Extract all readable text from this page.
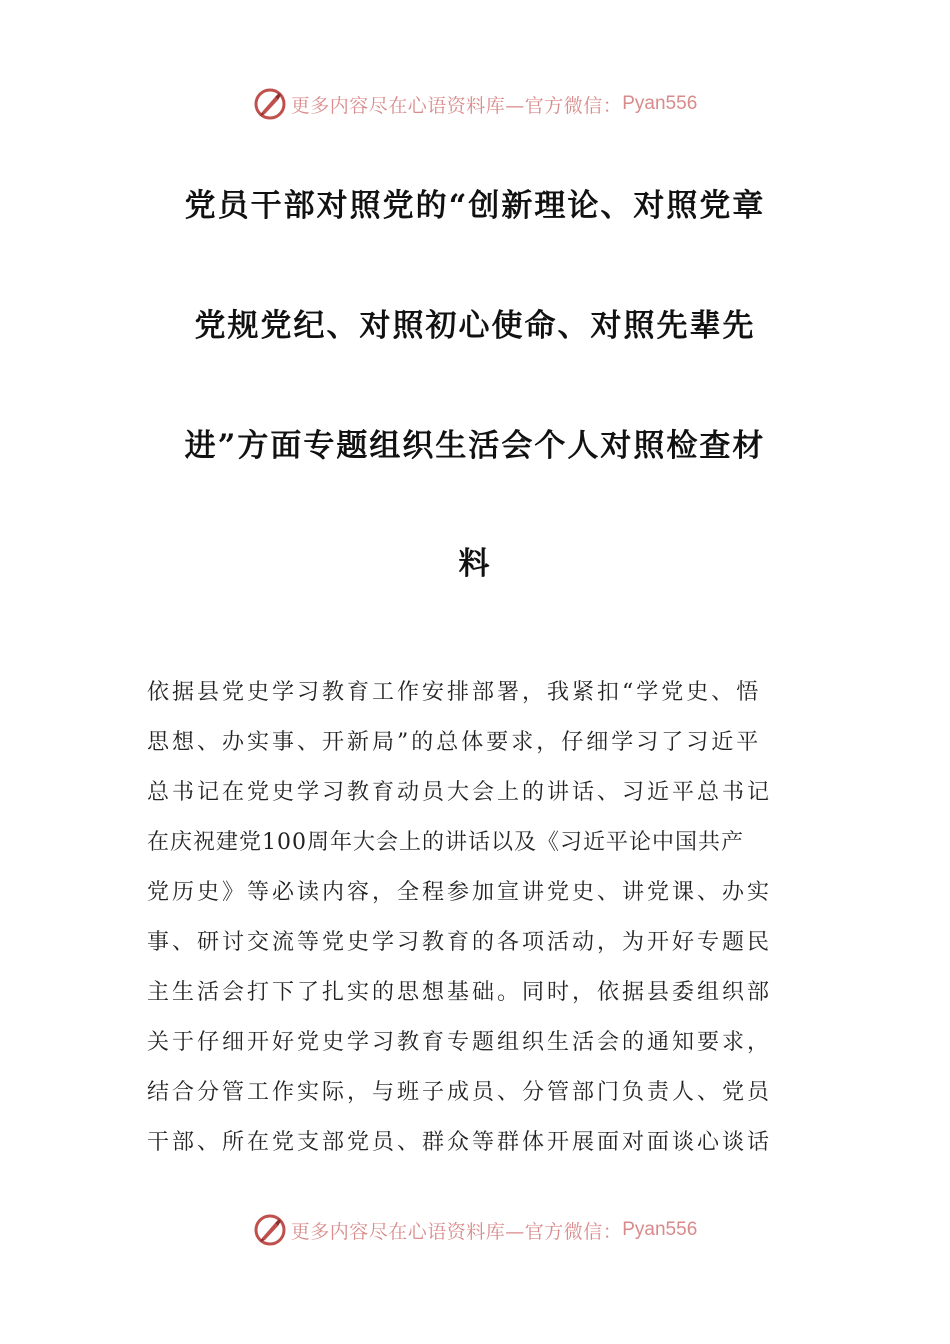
更多内容尽在心语资料库—官方微信： Pyan556
党员干部对照党的“创新理论、对照党章
党规党纪、对照初心使命、对照先辈先
进”方面专题组织生活会个人对照检查材
料
依据县党史学习教育工作安排部署，我紧扣“学党史、悟
思想、办实事、开新局”的总体要求，仔细学习了习近平
总书记在党史学习教育动员大会上的讲话、习近平总书记
在庆祝建党100周年大会上的讲话以及《习近平论中国共产
党历史》等必读内容，全程参加宣讲党史、讲党课、办实
事、研讨交流等党史学习教育的各项活动，为开好专题民
主生活会打下了扎实的思想基础。同时，依据县委组织部
关于仔细开好党史学习教育专题组织生活会的通知要求，
结合分管工作实际，与班子成员、分管部门负责人、党员
干部、所在党支部党员、群众等群体开展面对面谈心谈话
更多内容尽在心语资料库—官方微信： Pyan556
